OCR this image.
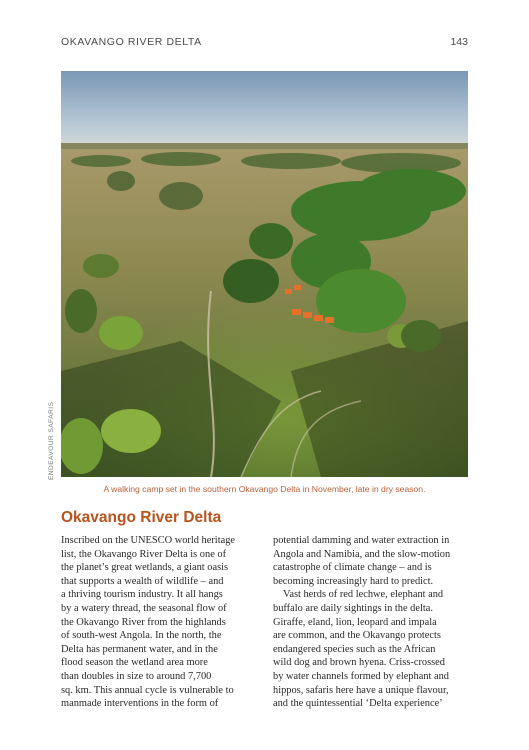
OKAVANGO RIVER DELTA	143
ENDEAVOUR SAFARIS
A walking camp set in the southern Okavango Delta in November, late in dry season.
Okavango River Delta

Inscribed on the UNESCO world heritage
list, the Okavango River Delta is one of
the planet’s great wetlands, a giant oasis
that supports a wealth of wildlife – and
a thriving tourism industry. It all hangs
by a watery thread, the seasonal flow of
the Okavango River from the highlands
of south-west Angola. In the north, the
Delta has permanent water, and in the
flood season the wetland area more
than doubles in size to around 7,700
sq. km. This annual cycle is vulnerable to
manmade interventions in the form of

potential damming and water extraction in
Angola and Namibia, and the slow-motion
catastrophe of climate change – and is
becoming increasingly hard to predict.
Vast herds of red lechwe, elephant and
buffalo are daily sightings in the delta.
Giraffe, eland, lion, leopard and impala
are common, and the Okavango protects
endangered species such as the African
wild dog and brown hyena. Criss-crossed
by water channels formed by elephant and
hippos, safaris here have a unique flavour,
and the quintessential ‘Delta experience’
